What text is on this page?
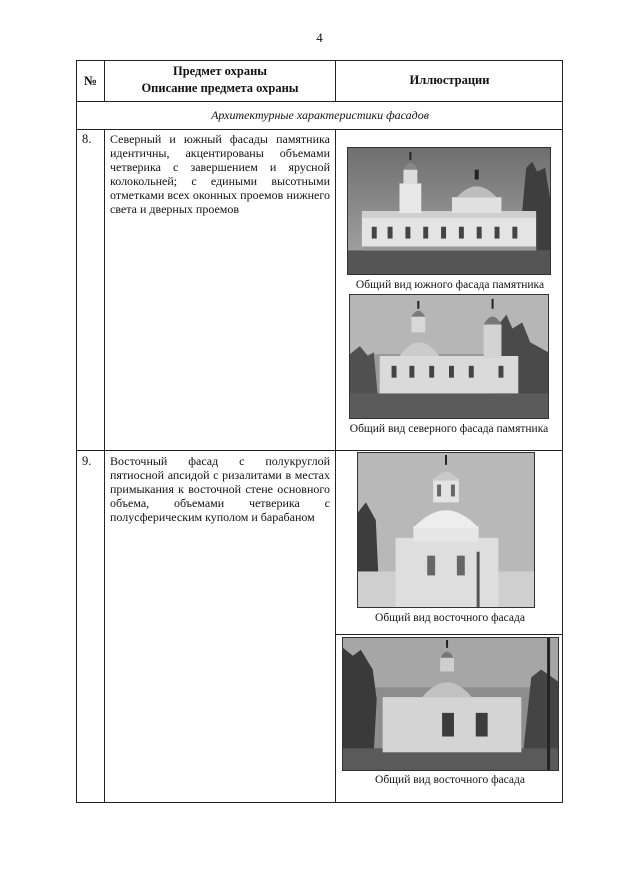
4
№
Предмет охраны
Описание предмета охраны
Иллюстрации
Архитектурные характеристики фасадов
8. Северный и южный фасады памятника идентичны, акцентированы объемами четверика с завершением и ярусной колокольней; с едиными высотными отметками всех оконных проемов нижнего света и дверных проемов
Общий вид южного фасада памятника
Общий вид северного фасада памятника
9. Восточный фасад с полукруглой пятиосной апсидой с ризалитами в местах примыкания к восточной стене основного объема, объемами четверика с полусферическим куполом и барабаном
Общий вид восточного фасада
Общий вид восточного фасада
